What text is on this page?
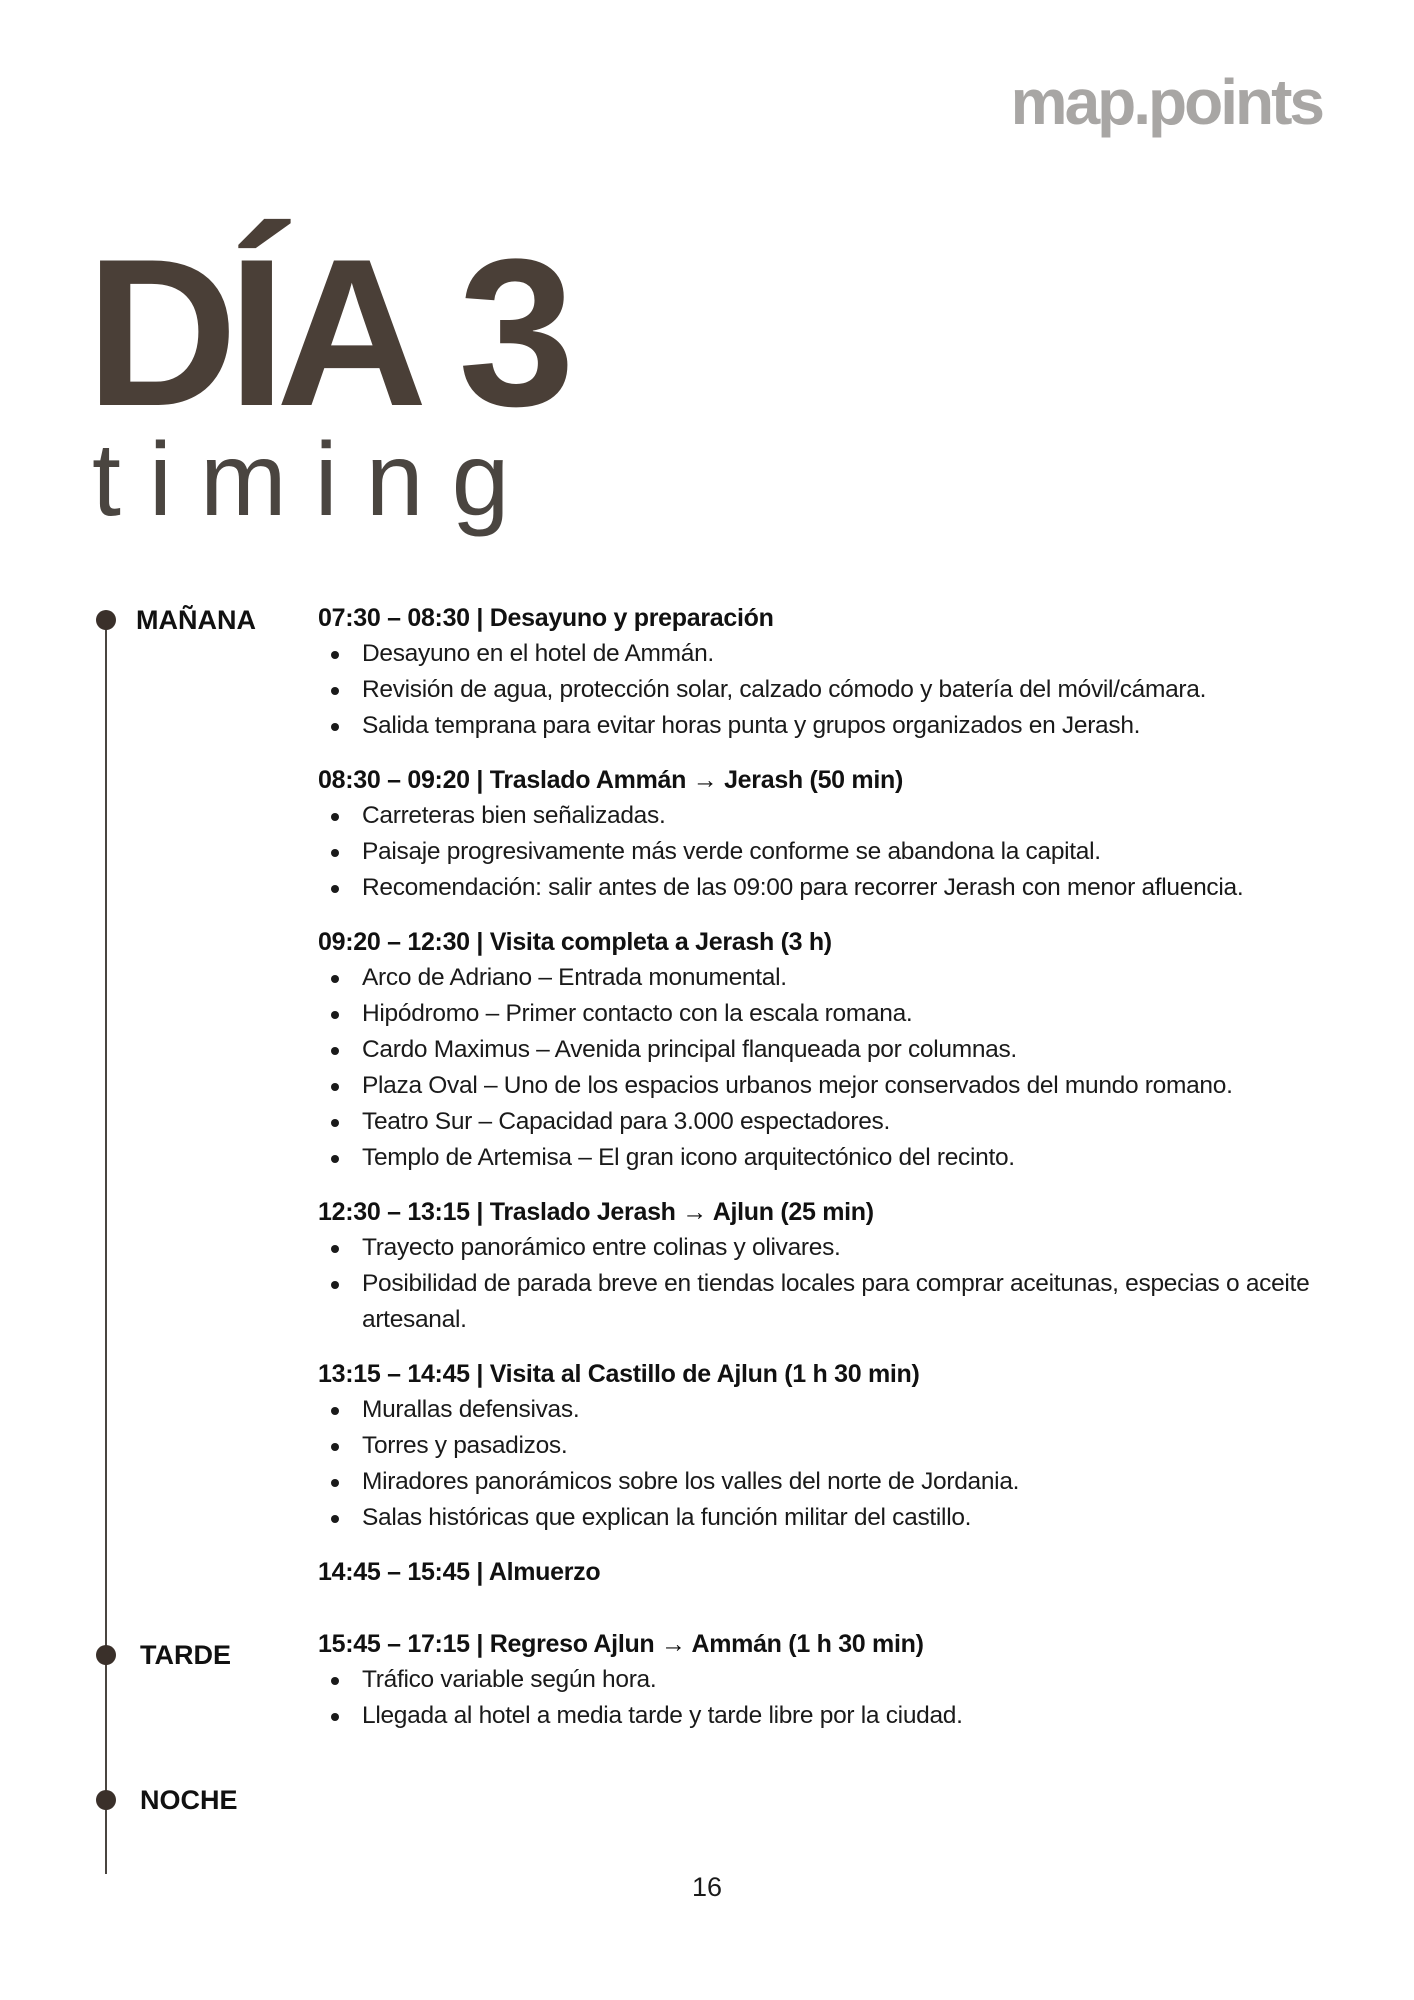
map.points
DÍA 3
timing
MAÑANA
TARDE
NOCHE

07:30 – 08:30 | Desayuno y preparación

Desayuno en el hotel de Ammán.
Revisión de agua, protección solar, calzado cómodo y batería del móvil/cámara.
Salida temprana para evitar horas punta y grupos organizados en Jerash.

08:30 – 09:20 | Traslado Ammán → Jerash (50 min)

Carreteras bien señalizadas.
Paisaje progresivamente más verde conforme se abandona la capital.
Recomendación: salir antes de las 09:00 para recorrer Jerash con menor afluencia.

09:20 – 12:30 | Visita completa a Jerash (3 h)

Arco de Adriano – Entrada monumental.
Hipódromo – Primer contacto con la escala romana.
Cardo Maximus – Avenida principal flanqueada por columnas.
Plaza Oval – Uno de los espacios urbanos mejor conservados del mundo romano.
Teatro Sur – Capacidad para 3.000 espectadores.
Templo de Artemisa – El gran icono arquitectónico del recinto.

12:30 – 13:15 | Traslado Jerash → Ajlun (25 min)

Trayecto panorámico entre colinas y olivares.
Posibilidad de parada breve en tiendas locales para comprar aceitunas, especias o aceite artesanal.

13:15 – 14:45 | Visita al Castillo de Ajlun (1 h 30 min)

Murallas defensivas.
Torres y pasadizos.
Miradores panorámicos sobre los valles del norte de Jordania.
Salas históricas que explican la función militar del castillo.

14:45 – 15:45 | Almuerzo

15:45 – 17:15 | Regreso Ajlun → Ammán (1 h 30 min)

Tráfico variable según hora.
Llegada al hotel a media tarde y tarde libre por la ciudad.
16
